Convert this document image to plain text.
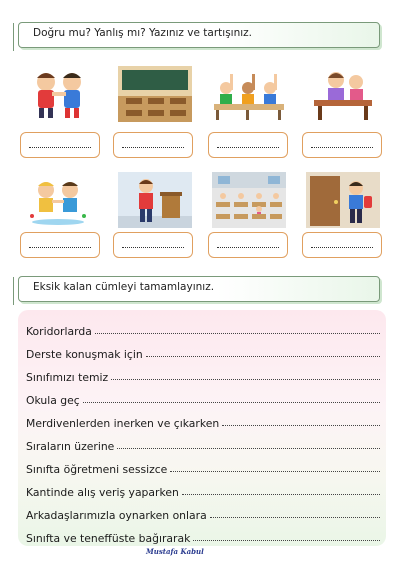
Doğru mu? Yanlış mı? Yazınız ve tartışınız.
Eksik kalan cümleyi tamamlayınız.
Koridorlarda
Derste konuşmak için
Sınıfımızı temiz
Okula geç
Merdivenlerden inerken ve çıkarken
Sıraların üzerine
Sınıfta öğretmeni sessizce
Kantinde alış veriş yaparken
Arkadaşlarımızla oynarken onlara
Sınıfta ve teneffüste bağırarak
Mustafa Kabul
